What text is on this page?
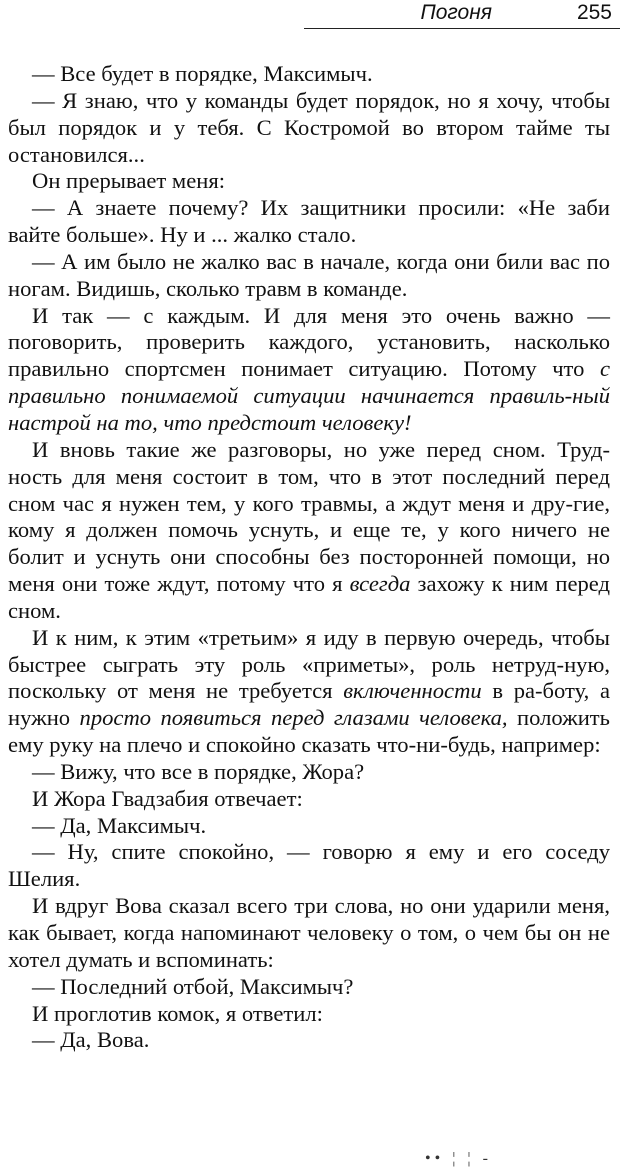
Погоня	255

— Все будет в порядке, Максимыч.

— Я знаю, что у команды будет порядок, но я хочу, чтобы был порядок и у тебя. С Костромой во втором тайме ты остановился...

Он прерывает меня:

— А знаете почему? Их защитники просили: «Не заби вайте больше». Ну и ... жалко стало.

— А им было не жалко вас в начале, когда они били вас по ногам. Видишь, сколько травм в команде.

И так — с каждым. И для меня это очень важно — поговорить, проверить каждого, установить, насколько правильно спортсмен понимает ситуацию. Потому что с правильно понимаемой ситуации начинается правиль-ный настрой на то, что предстоит человеку!

И вновь такие же разговоры, но уже перед сном. Труд-ность для меня состоит в том, что в этот последний перед сном час я нужен тем, у кого травмы, а ждут меня и дру-гие, кому я должен помочь уснуть, и еще те, у кого ничего не болит и уснуть они способны без посторонней помощи, но меня они тоже ждут, потому что я всегда захожу к ним перед сном.

И к ним, к этим «третьим» я иду в первую очередь, чтобы быстрее сыграть эту роль «приметы», роль нетруд-ную, поскольку от меня не требуется включенности в ра-боту, а нужно просто появиться перед глазами человека, положить ему руку на плечо и спокойно сказать что-ни-будь, например:

— Вижу, что все в порядке, Жора?

И Жора Гвадзабия отвечает:

— Да, Максимыч.

— Ну, спите спокойно, — говорю я ему и его соседу Шелия.

И вдруг Вова сказал всего три слова, но они ударили меня, как бывает, когда напоминают человеку о том, о чем бы он не хотел думать и вспоминать:

— Последний отбой, Максимыч?

И проглотив комок, я ответил:

— Да, Вова.

•• ¦ ¦ -
